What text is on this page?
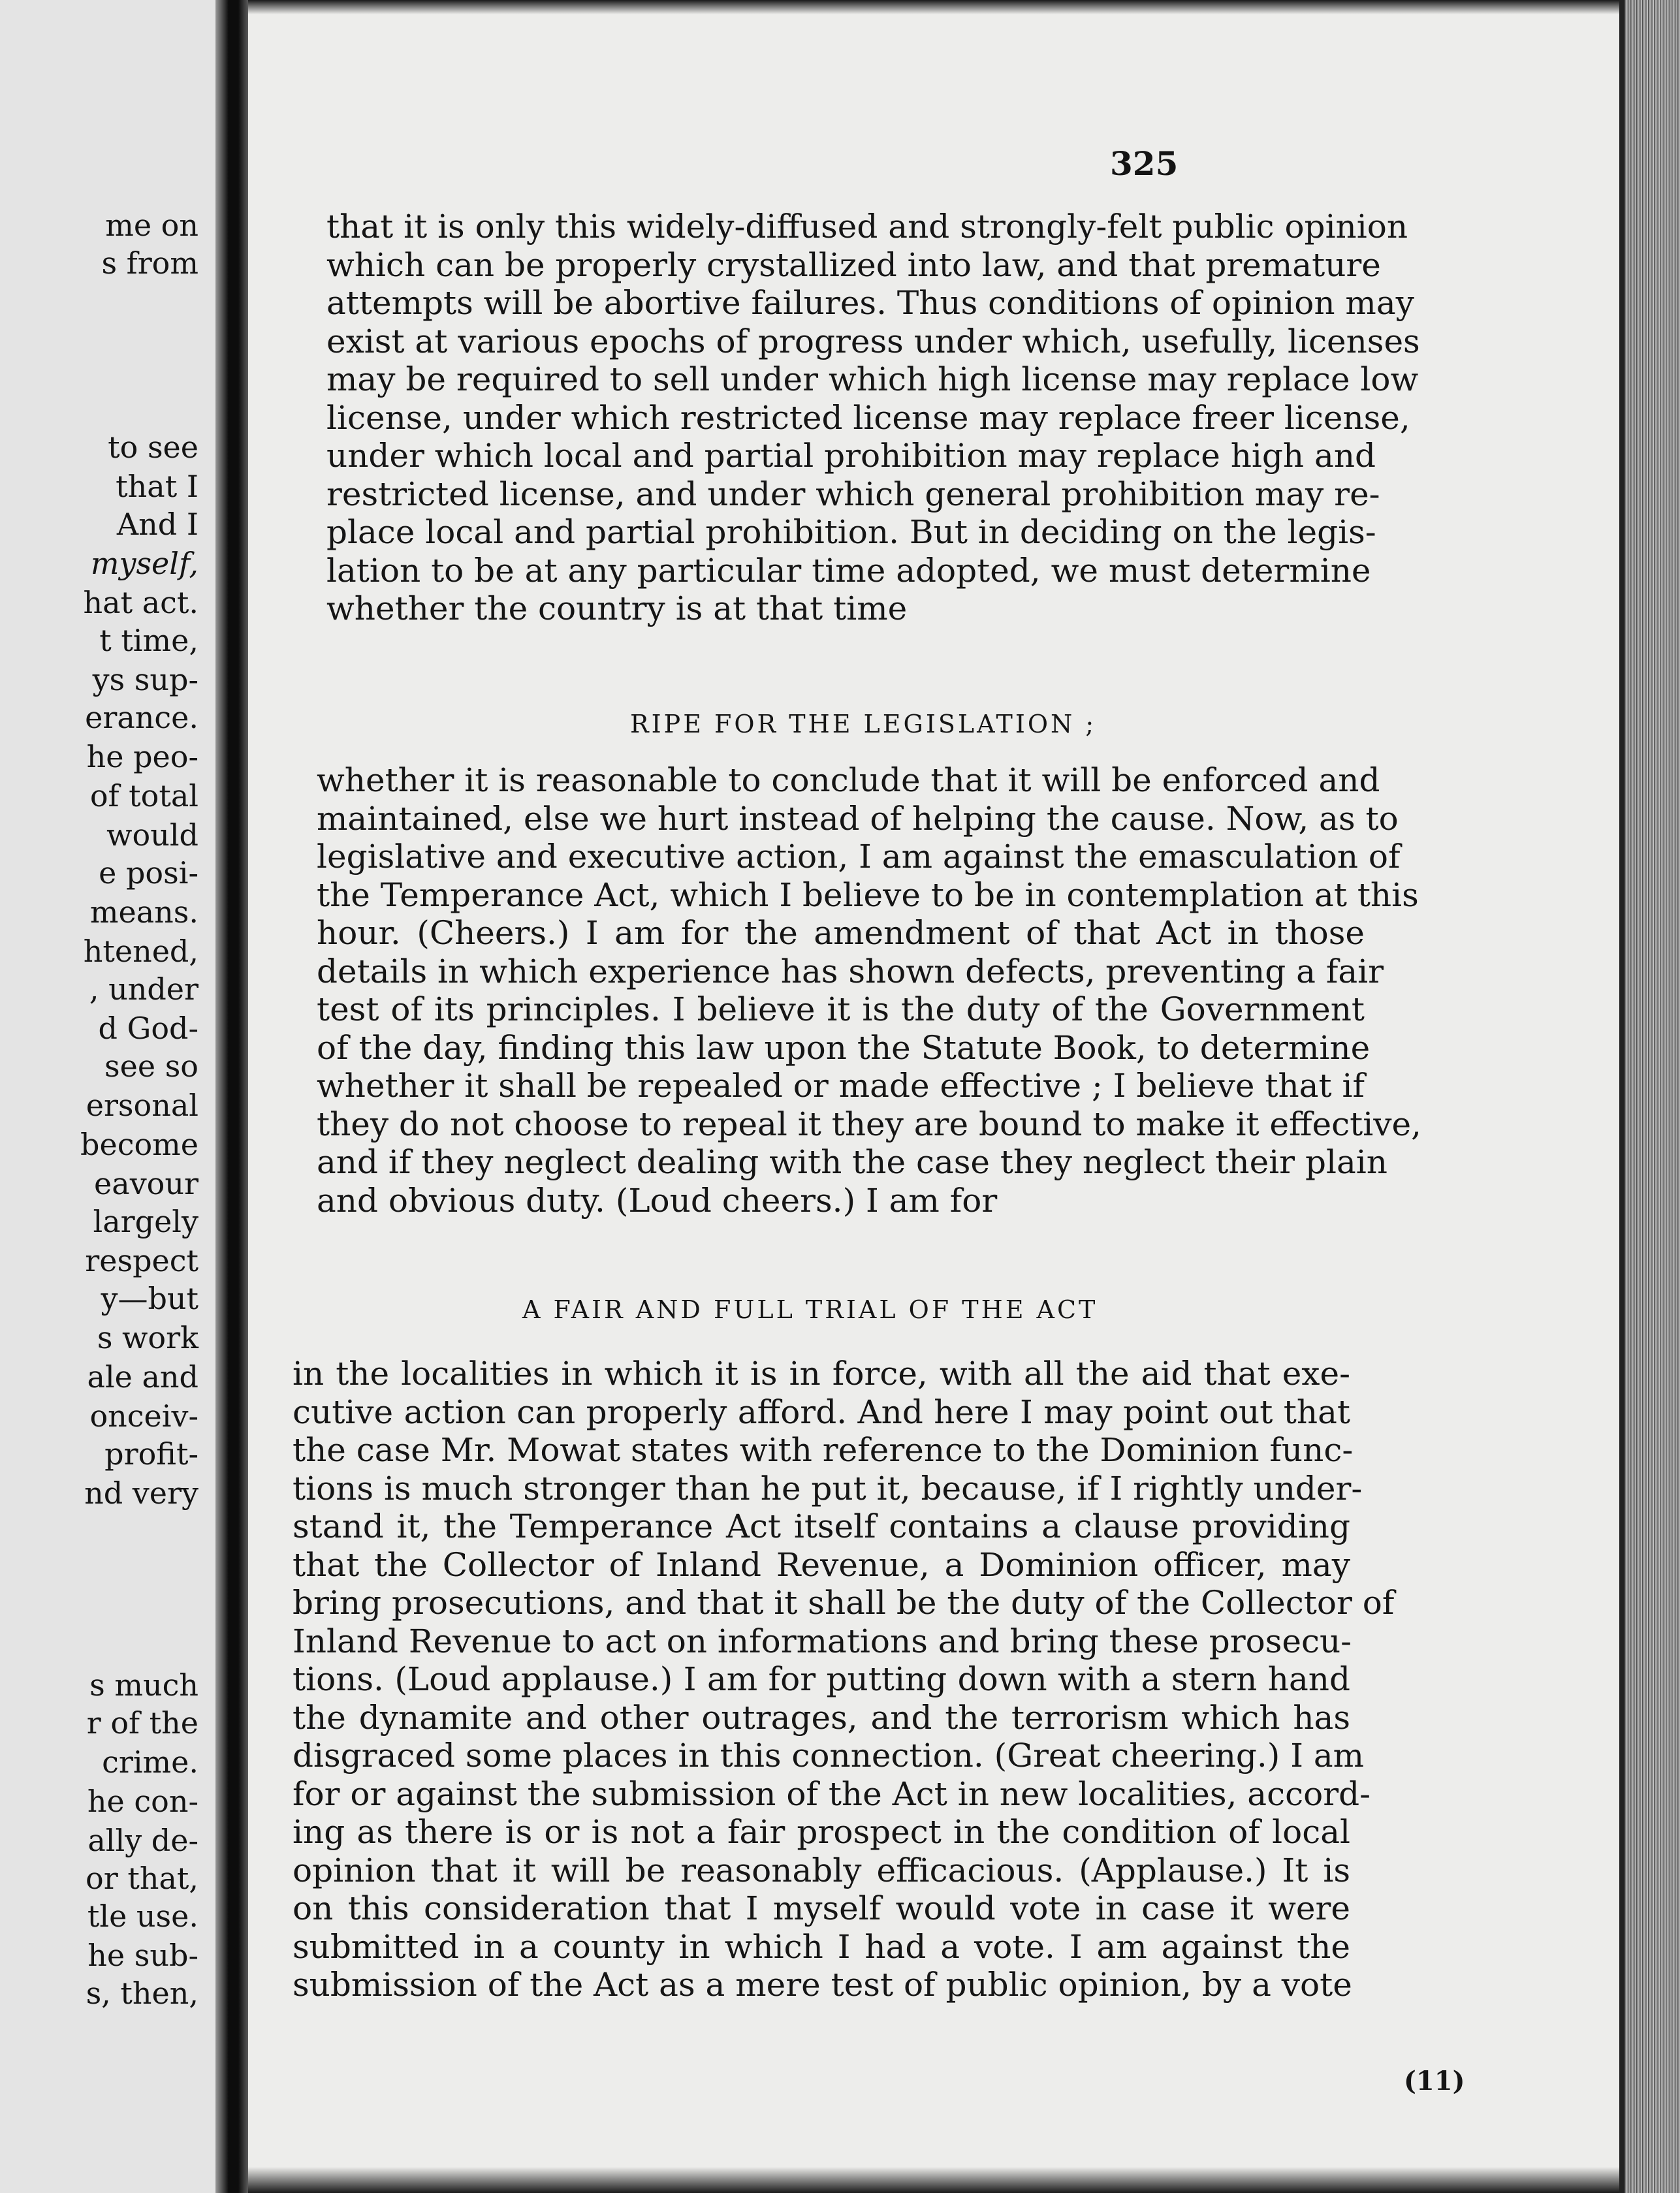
me on
s from
to see
that I
And I
myself,
hat act.
t time,
ys sup-
erance.
he peo-
of total
would
e posi-
means.
htened,
, under
d God-
see so
ersonal
become
eavour
largely
respect
y—but
s work
ale and
onceiv-
profit-
nd very
s much
r of the
crime.
he con-
ally de-
or that,
tle use.
he sub-
s, then,
325
that it is only this widely-diffused and strongly-felt public opinion
which can be properly crystallized into law, and that premature
attempts will be abortive failures. Thus conditions of opinion may
exist at various epochs of progress under which, usefully, licenses
may be required to sell under which high license may replace low
license, under which restricted license may replace freer license,
under which local and partial prohibition may replace high and
restricted license, and under which general prohibition may re-
place local and partial prohibition. But in deciding on the legis-
lation to be at any particular time adopted, we must determine
whether the country is at that time
RIPE FOR THE LEGISLATION ;
whether it is reasonable to conclude that it will be enforced and
maintained, else we hurt instead of helping the cause. Now, as to
legislative and executive action, I am against the emasculation of
the Temperance Act, which I believe to be in contemplation at this
hour. (Cheers.) I am for the amendment of that Act in those
details in which experience has shown defects, preventing a fair
test of its principles. I believe it is the duty of the Government
of the day, finding this law upon the Statute Book, to determine
whether it shall be repealed or made effective ; I believe that if
they do not choose to repeal it they are bound to make it effective,
and if they neglect dealing with the case they neglect their plain
and obvious duty. (Loud cheers.) I am for
A FAIR AND FULL TRIAL OF THE ACT
in the localities in which it is in force, with all the aid that exe-
cutive action can properly afford. And here I may point out that
the case Mr. Mowat states with reference to the Dominion func-
tions is much stronger than he put it, because, if I rightly under-
stand it, the Temperance Act itself contains a clause providing
that the Collector of Inland Revenue, a Dominion officer, may
bring prosecutions, and that it shall be the duty of the Collector of
Inland Revenue to act on informations and bring these prosecu-
tions. (Loud applause.) I am for putting down with a stern hand
the dynamite and other outrages, and the terrorism which has
disgraced some places in this connection. (Great cheering.) I am
for or against the submission of the Act in new localities, accord-
ing as there is or is not a fair prospect in the condition of local
opinion that it will be reasonably efficacious. (Applause.) It is
on this consideration that I myself would vote in case it were
submitted in a county in which I had a vote. I am against the
submission of the Act as a mere test of public opinion, by a vote
(11)
